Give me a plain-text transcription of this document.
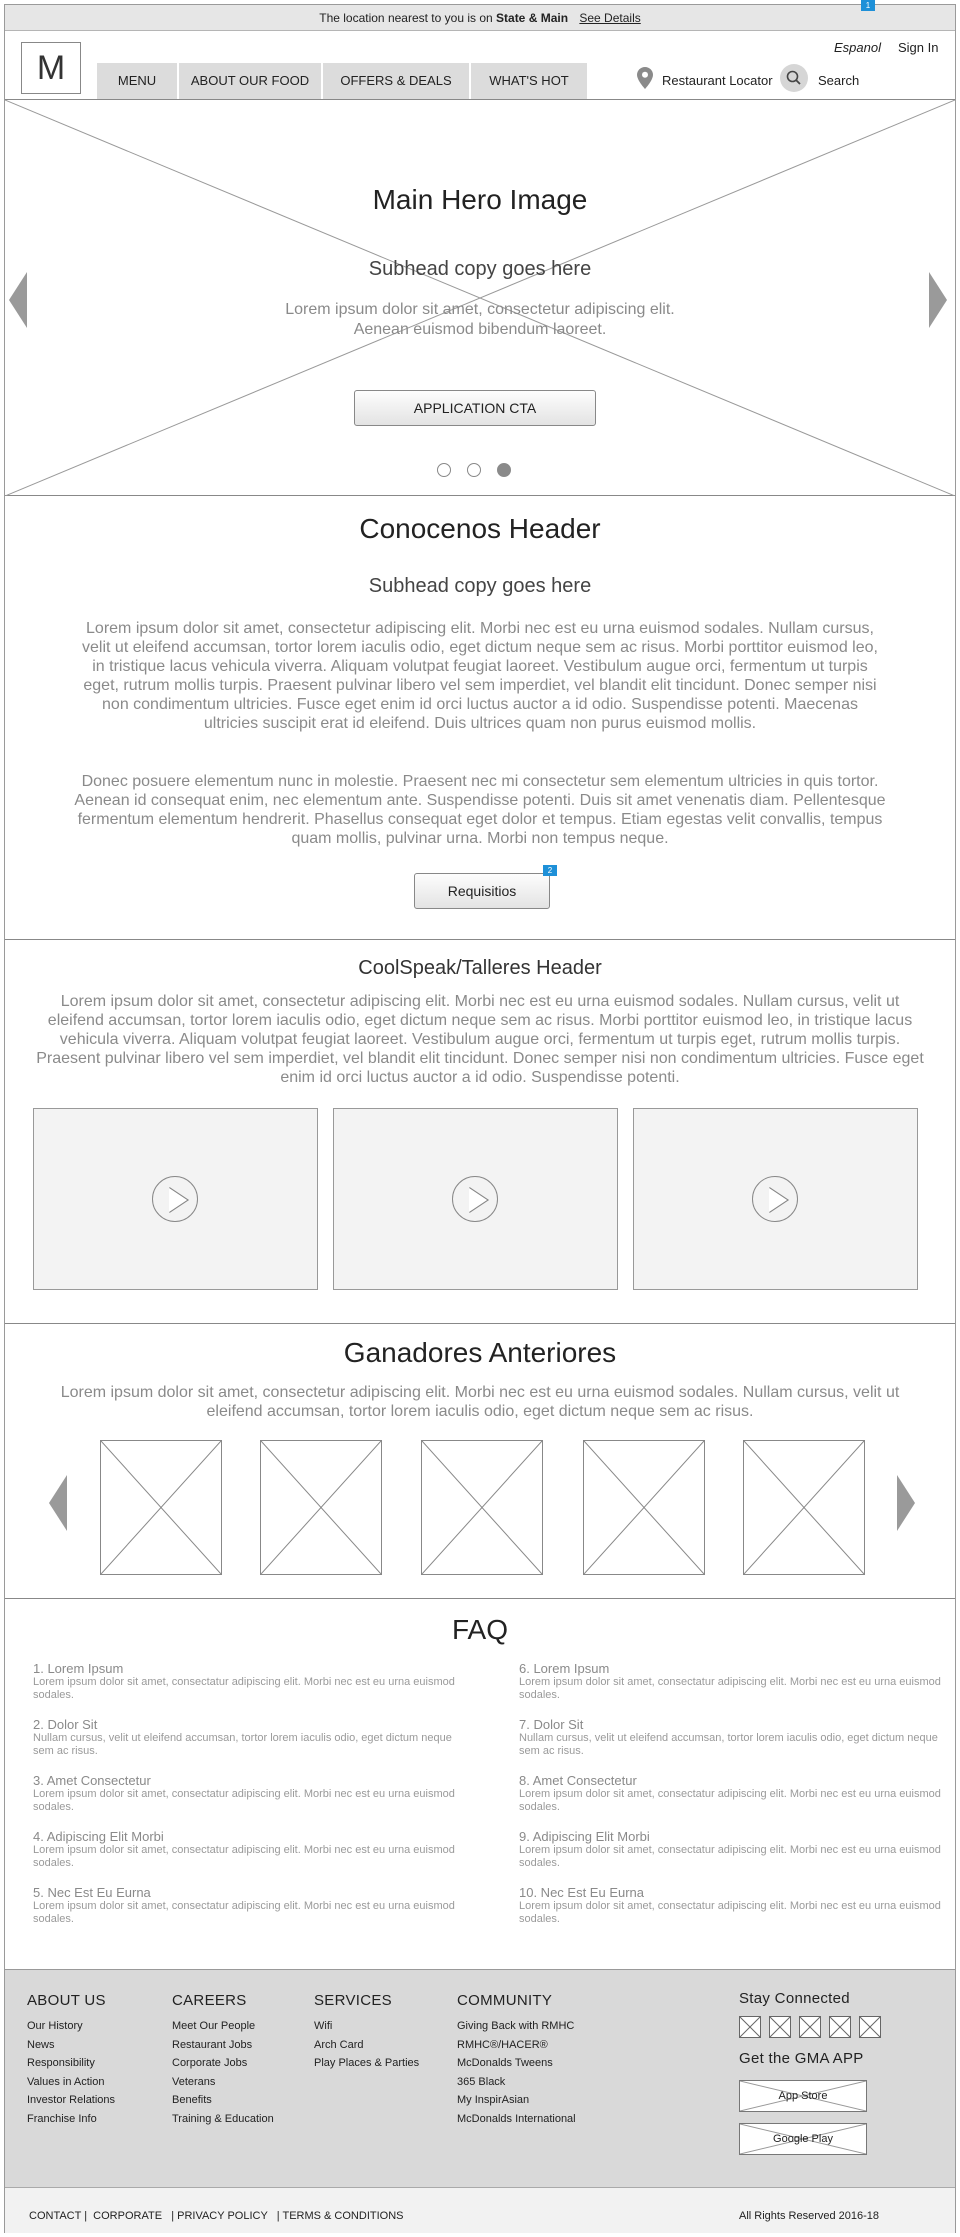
The location nearest to you is on State & Main See Details
1
M	MENU	ABOUT OUR FOOD	OFFERS & DEALS	WHAT'S HOT
Espanol Sign In
Restaurant Locator	Search
Main Hero Image
Subhead copy goes here
Lorem ipsum dolor sit amet, consectetur adipiscing elit.
Aenean euismod bibendum laoreet.
APPLICATION CTA
Conocenos Header
Subhead copy goes here
Lorem ipsum dolor sit amet, consectetur adipiscing elit. Morbi nec est eu urna euismod sodales. Nullam cursus, velit ut eleifend accumsan, tortor lorem iaculis odio, eget dictum neque sem ac risus. Morbi porttitor euismod leo, in tristique lacus vehicula viverra. Aliquam volutpat feugiat laoreet. Vestibulum augue orci, fermentum ut turpis eget, rutrum mollis turpis. Praesent pulvinar libero vel sem imperdiet, vel blandit elit tincidunt. Donec semper nisi non condimentum ultricies. Fusce eget enim id orci luctus auctor a id odio. Suspendisse potenti. Maecenas ultricies suscipit erat id eleifend. Duis ultrices quam non purus euismod mollis.
Donec posuere elementum nunc in molestie. Praesent nec mi consectetur sem elementum ultricies in quis tortor. Aenean id consequat enim, nec elementum ante. Suspendisse potenti. Duis sit amet venenatis diam. Pellentesque fermentum elementum hendrerit. Phasellus consequat eget dolor et tempus. Etiam egestas velit convallis, tempus quam mollis, pulvinar urna. Morbi non tempus neque.
Requisitios
2
CoolSpeak/Talleres Header
Lorem ipsum dolor sit amet, consectetur adipiscing elit. Morbi nec est eu urna euismod sodales. Nullam cursus, velit ut eleifend accumsan, tortor lorem iaculis odio, eget dictum neque sem ac risus. Morbi porttitor euismod leo, in tristique lacus vehicula viverra. Aliquam volutpat feugiat laoreet. Vestibulum augue orci, fermentum ut turpis eget, rutrum mollis turpis. Praesent pulvinar libero vel sem imperdiet, vel blandit elit tincidunt. Donec semper nisi non condimentum ultricies. Fusce eget enim id orci luctus auctor a id odio. Suspendisse potenti.
Ganadores Anteriores
Lorem ipsum dolor sit amet, consectetur adipiscing elit. Morbi nec est eu urna euismod sodales. Nullam cursus, velit ut eleifend accumsan, tortor lorem iaculis odio, eget dictum neque sem ac risus.
FAQ
1. Lorem Ipsum
Lorem ipsum dolor sit amet, consectatur adipiscing elit. Morbi nec est eu urna euismod sodales.
2. Dolor Sit
Nullam cursus, velit ut eleifend accumsan, tortor lorem iaculis odio, eget dictum neque sem ac risus.
3. Amet Consectetur
Lorem ipsum dolor sit amet, consectatur adipiscing elit. Morbi nec est eu urna euismod sodales.
4. Adipiscing Elit Morbi
Lorem ipsum dolor sit amet, consectatur adipiscing elit. Morbi nec est eu urna euismod sodales.
5. Nec Est Eu Eurna
Lorem ipsum dolor sit amet, consectatur adipiscing elit. Morbi nec est eu urna euismod sodales.
6. Lorem Ipsum
Lorem ipsum dolor sit amet, consectatur adipiscing elit. Morbi nec est eu urna euismod sodales.
7. Dolor Sit
Nullam cursus, velit ut eleifend accumsan, tortor lorem iaculis odio, eget dictum neque sem ac risus.
8. Amet Consectetur
Lorem ipsum dolor sit amet, consectatur adipiscing elit. Morbi nec est eu urna euismod sodales.
9. Adipiscing Elit Morbi
Lorem ipsum dolor sit amet, consectatur adipiscing elit. Morbi nec est eu urna euismod sodales.
10. Nec Est Eu Eurna
Lorem ipsum dolor sit amet, consectatur adipiscing elit. Morbi nec est eu urna euismod sodales.
ABOUT US
Our History
News
Responsibility
Values in Action
Investor Relations
Franchise Info
CAREERS
Meet Our People
Restaurant Jobs
Corporate Jobs
Veterans
Benefits
Training & Education
SERVICES
Wifi
Arch Card
Play Places & Parties
COMMUNITY
Giving Back with RMHC
RMHC®/HACER®
McDonalds Tweens
365 Black
My InspirAsian
McDonalds International
Stay Connected
Get the GMA APP
App Store
Google Play
CONTACT |  CORPORATE   | PRIVACY POLICY   | TERMS & CONDITIONS	All Rights Reserved 2016-18
